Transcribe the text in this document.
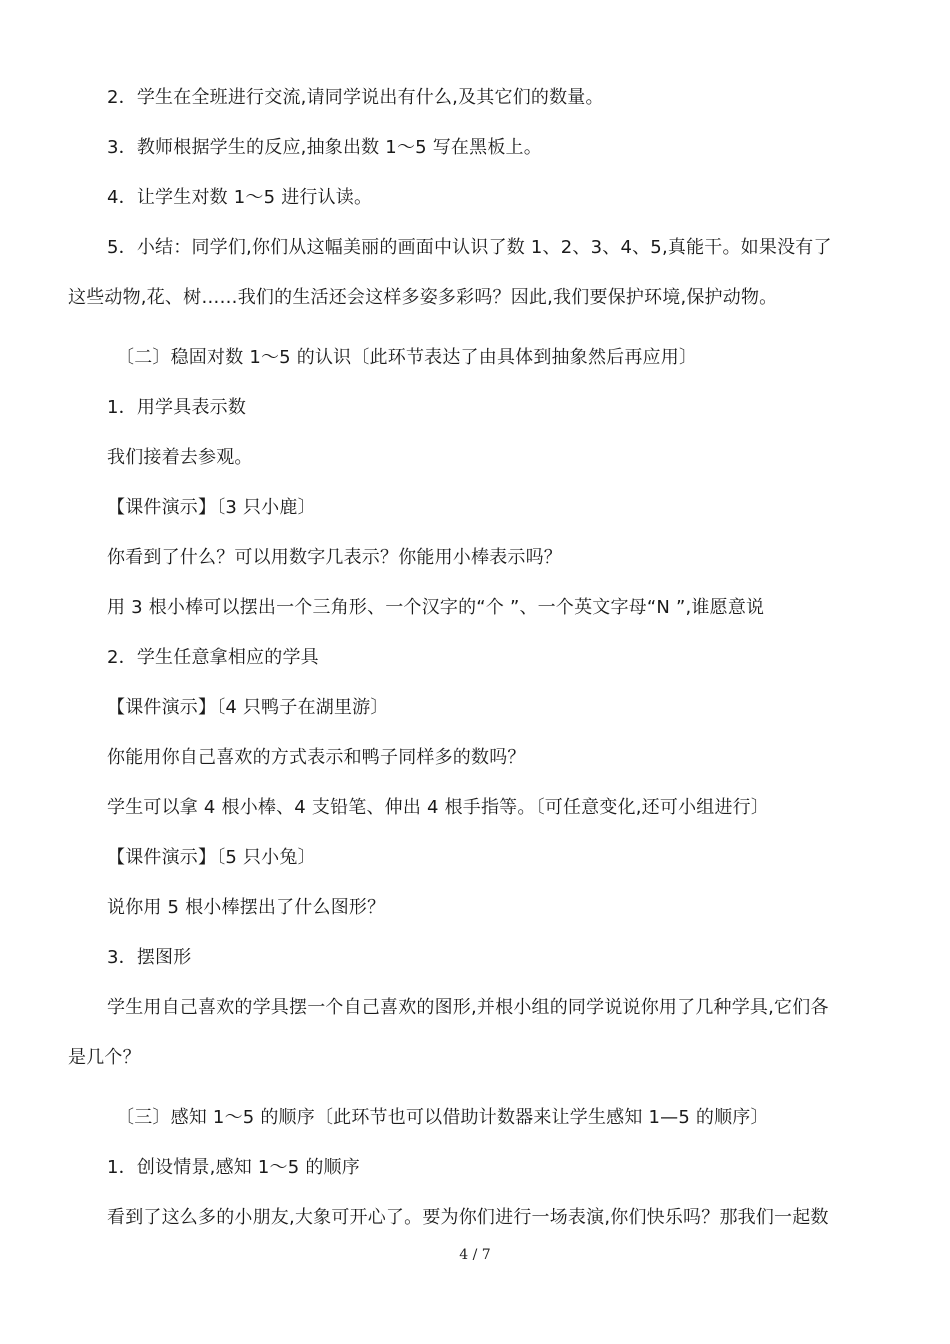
2．学生在全班进行交流,请同学说出有什么,及其它们的数量。
3．教师根据学生的反应,抽象出数 1～5 写在黑板上。
4．让学生对数 1～5 进行认读。
5．小结：同学们,你们从这幅美丽的画面中认识了数 1、2、3、4、5,真能干。如果没有了
这些动物,花、树……我们的生活还会这样多姿多彩吗？因此,我们要保护环境,保护动物。
〔二〕稳固对数 1～5 的认识〔此环节表达了由具体到抽象然后再应用〕
1．用学具表示数
我们接着去参观。
【课件演示】〔3 只小鹿〕
你看到了什么？可以用数字几表示？你能用小棒表示吗？
用 3 根小棒可以摆出一个三角形、一个汉字的“个 ”、一个英文字母“N ”,谁愿意说
2．学生任意拿相应的学具
【课件演示】〔4 只鸭子在湖里游〕
你能用你自己喜欢的方式表示和鸭子同样多的数吗？
学生可以拿 4 根小棒、4 支铅笔、伸出 4 根手指等。〔可任意变化,还可小组进行〕
【课件演示】〔5 只小兔〕
说你用 5 根小棒摆出了什么图形？
3．摆图形
学生用自己喜欢的学具摆一个自己喜欢的图形,并根小组的同学说说你用了几种学具,它们各
是几个？
〔三〕感知 1～5 的顺序〔此环节也可以借助计数器来让学生感知 1—5 的顺序〕
1．创设情景,感知 1～5 的顺序
看到了这么多的小朋友,大象可开心了。要为你们进行一场表演,你们快乐吗？那我们一起数
4 / 7
